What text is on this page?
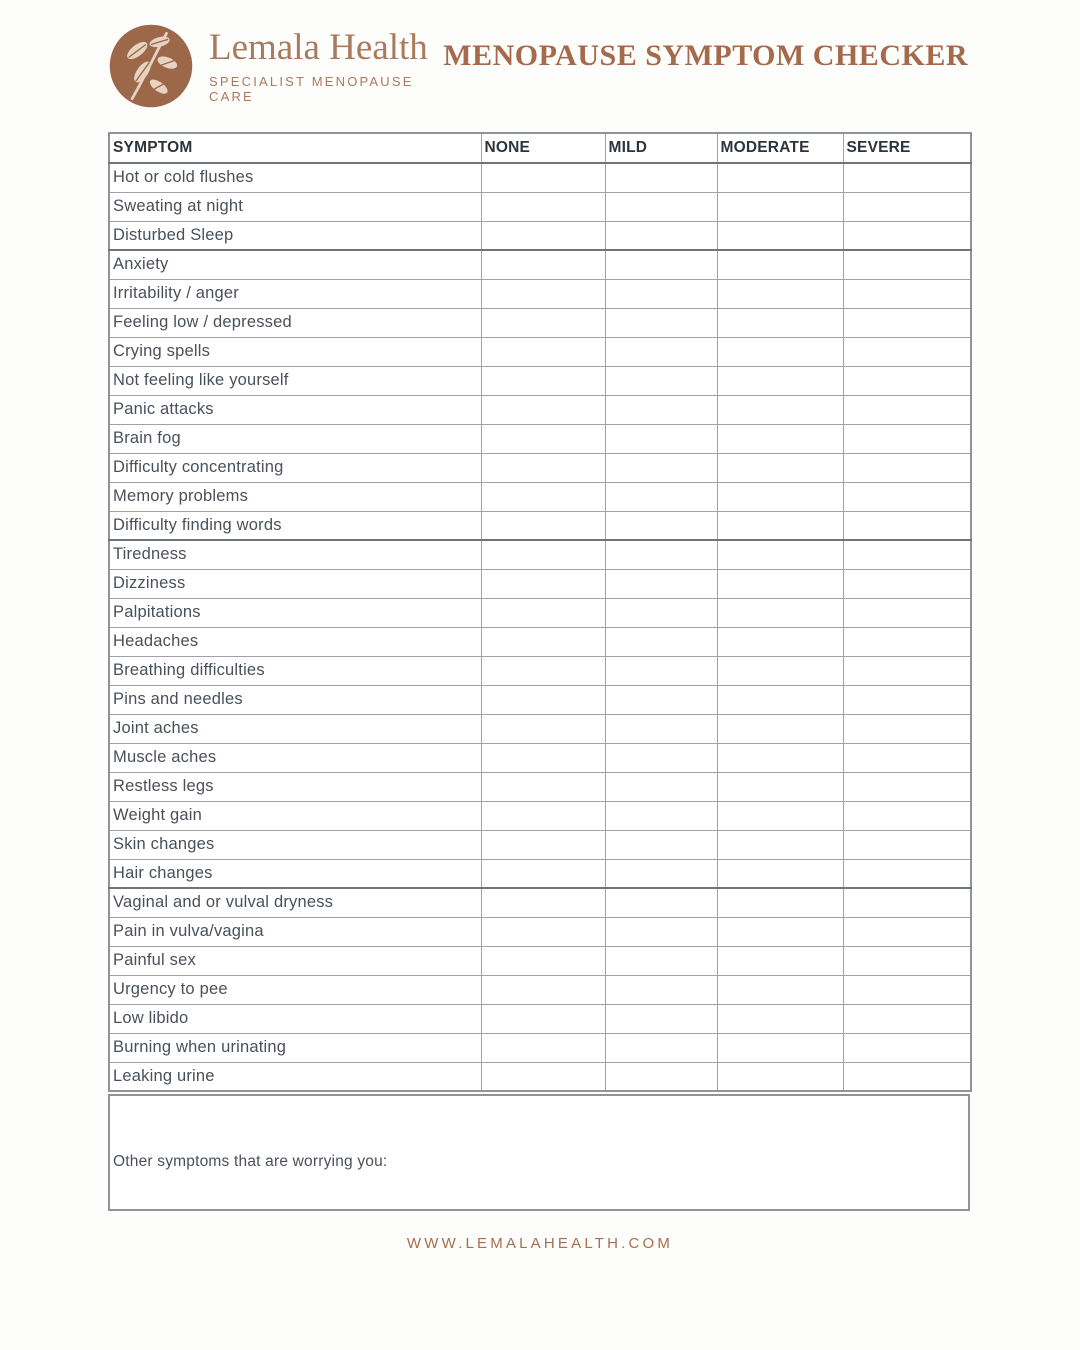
Lemala Health
SPECIALIST MENOPAUSE CARE
MENOPAUSE SYMPTOM CHECKER
SYMPTOM	NONE	MILD	MODERATE	SEVERE
Hot or cold flushes				
Sweating at night				
Disturbed Sleep				
Anxiety				
Irritability / anger				
Feeling low / depressed				
Crying spells				
Not feeling like yourself				
Panic attacks				
Brain fog				
Difficulty concentrating				
Memory problems				
Difficulty finding words				
Tiredness				
Dizziness				
Palpitations				
Headaches				
Breathing difficulties				
Pins and needles				
Joint aches				
Muscle aches				
Restless legs				
Weight gain				
Skin changes				
Hair changes				
Vaginal and or vulval dryness				
Pain in vulva/vagina				
Painful sex				
Urgency to pee				
Low libido				
Burning when urinating				
Leaking urine				
Other symptoms that are worrying you:
WWW.LEMALAHEALTH.COM
